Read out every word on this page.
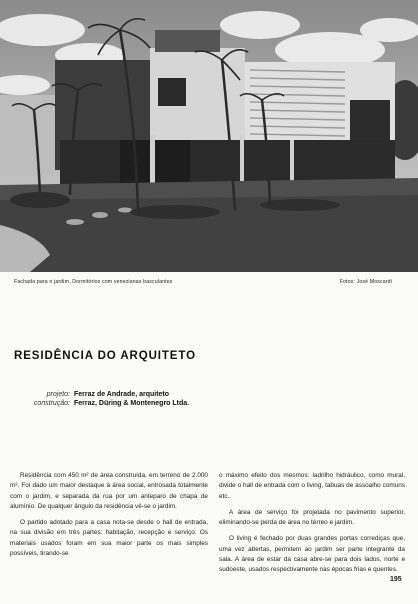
Fachada para o jardim. Dormitórios com venezianas basculantes	Fotos: José Moscardi
RESIDÊNCIA DO ARQUITETO
projeto: Ferraz de Andrade, arquiteto
construção: Ferraz, Düring & Montenegro Ltda.

Residência com 450 m² de área construída, em terreno de 2.000 m². Foi dado um maior destaque à área social, entrosada totalmente com o jardim, e separada da rua por um anteparo de chapa de alumínio. De qualquer ângulo da residência vê-se o jardim.

O partido adotado para a casa nota-se desde o hall de entrada, na sua divisão em três partes: habitação, recepção e serviço. Os materiais usados foram em sua maior parte os mais simples possíveis, tirando-se

o máximo efeito dos mesmos: ladrilho hidráulico, como mural, divide o hall de entrada com o living, tabuas de assoalho comuns etc..

A área de serviço foi projetada no pavimento superior, eliminando-se perda de área no térreo e jardim.

O living é fechado por duas grandes portas corrediças que, uma vez abertas, permitem ao jardim ser parte integrante da sala. A área de estar da casa abre-se para dois lados, norte e sudoeste, usados respectivamente nas épocas frias e quentes.

195
